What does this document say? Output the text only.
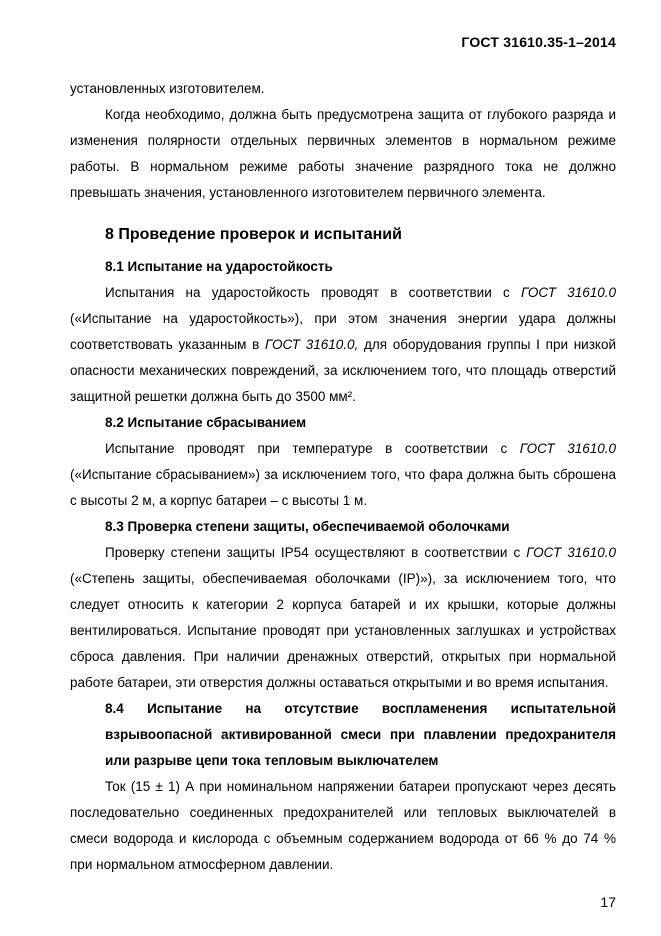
ГОСТ 31610.35-1–2014

установленных изготовителем.

Когда необходимо, должна быть предусмотрена защита от глубокого разряда и изменения полярности отдельных первичных элементов в нормальном режиме работы. В нормальном режиме работы значение разрядного тока не должно превышать значения, установленного изготовителем первичного элемента.

8 Проведение проверок и испытаний
8.1 Испытание на ударостойкость

Испытания на ударостойкость проводят в соответствии с ГОСТ 31610.0 («Испытание на ударостойкость»), при этом значения энергии удара должны соответствовать указанным в ГОСТ 31610.0, для оборудования группы I при низкой опасности механических повреждений, за исключением того, что площадь отверстий защитной решетки должна быть до 3500 мм².

8.2 Испытание сбрасыванием

Испытание проводят при температуре в соответствии с ГОСТ 31610.0 («Испытание сбрасыванием») за исключением того, что фара должна быть сброшена с высоты 2 м, а корпус батареи – с высоты 1 м.

8.3 Проверка степени защиты, обеспечиваемой оболочками

Проверку степени защиты IP54 осуществляют в соответствии с ГОСТ 31610.0 («Степень защиты, обеспечиваемая оболочками (IP)»), за исключением того, что следует относить к категории 2 корпуса батарей и их крышки, которые должны вентилироваться. Испытание проводят при установленных заглушках и устройствах сброса давления. При наличии дренажных отверстий, открытых при нормальной работе батареи, эти отверстия должны оставаться открытыми и во время испытания.

8.4 Испытание на отсутствие воспламенения испытательной взрывоопасной активированной смеси при плавлении предохранителя или разрыве цепи тока тепловым выключателем

Ток (15 ± 1) А при номинальном напряжении батареи пропускают через десять последовательно соединенных предохранителей или тепловых выключателей в смеси водорода и кислорода с объемным содержанием водорода от 66 % до 74 % при нормальном атмосферном давлении.

17
